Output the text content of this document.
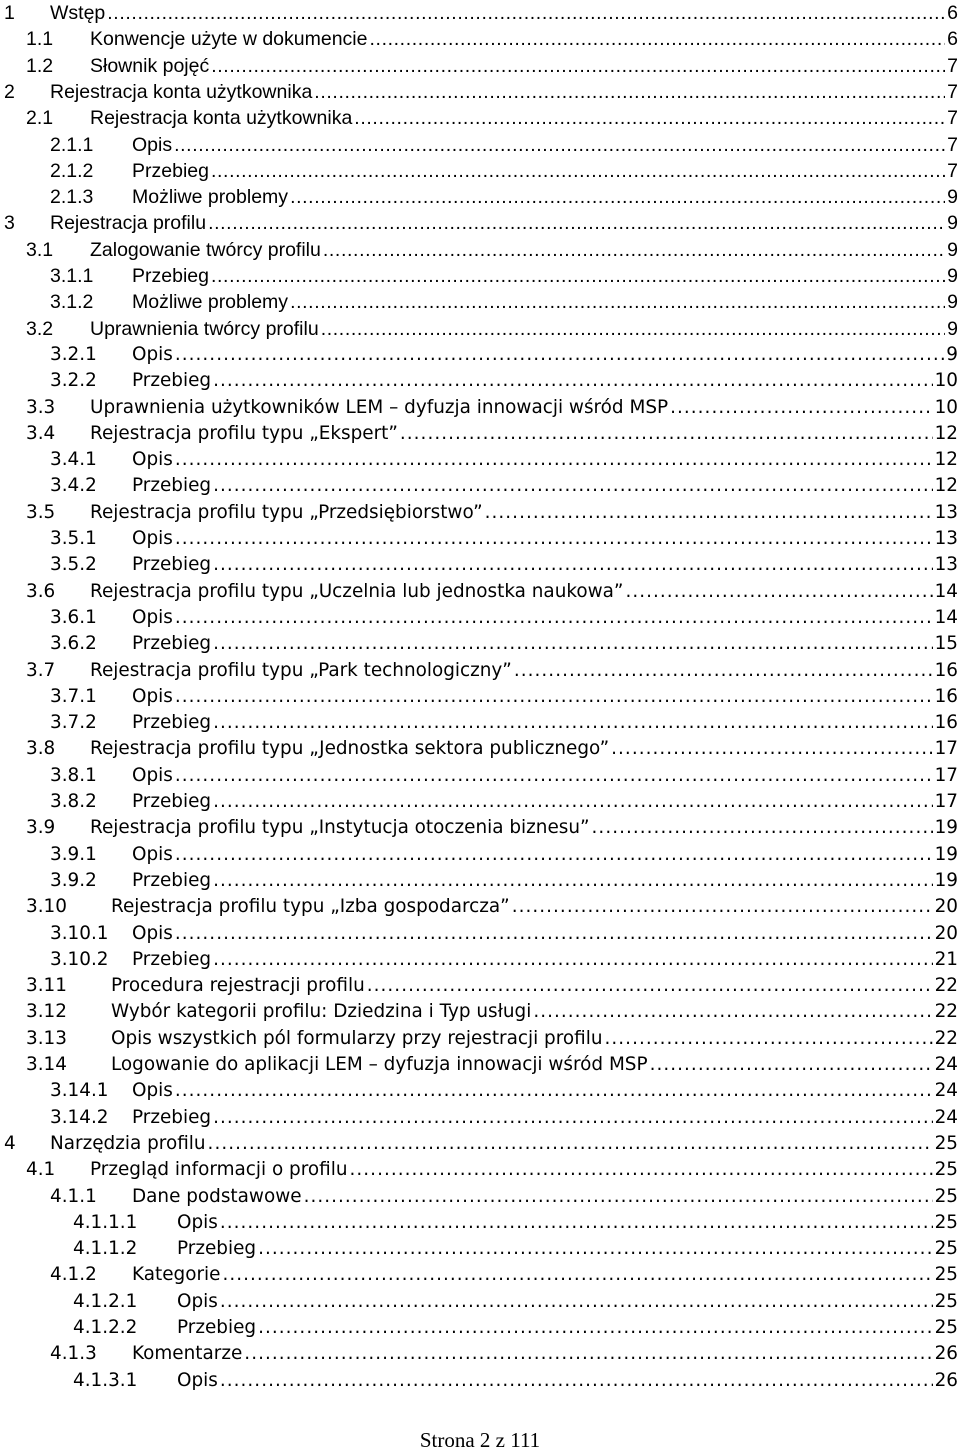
1	Wstęp . . .	6
1.1	Konwencje użyte w dokumencie . . .	6
1.2	Słownik pojęć . . .	7
2	Rejestracja konta użytkownika . . .	7
2.1	Rejestracja konta użytkownika . . .	7
2.1.1	Opis . . .	7
2.1.2	Przebieg . . .	7
2.1.3	Możliwe problemy . . .	9
3	Rejestracja profilu . . .	9
3.1	Zalogowanie twórcy profilu . . .	9
3.1.1	Przebieg . . .	9
3.1.2	Możliwe problemy . . .	9
3.2	Uprawnienia twórcy profilu . . .	9
3.2.1	Opis . . .	9
3.2.2	Przebieg . . .	10
3.3	Uprawnienia użytkowników LEM – dyfuzja innowacji wśród MSP . . .	10
3.4	Rejestracja profilu typu „Ekspert” . . .	12
3.4.1	Opis . . .	12
3.4.2	Przebieg . . .	12
3.5	Rejestracja profilu typu „Przedsiębiorstwo” . . .	13
3.5.1	Opis . . .	13
3.5.2	Przebieg . . .	13
3.6	Rejestracja profilu typu „Uczelnia lub jednostka naukowa” . . .	14
3.6.1	Opis . . .	14
3.6.2	Przebieg . . .	15
3.7	Rejestracja profilu typu „Park technologiczny” . . .	16
3.7.1	Opis . . .	16
3.7.2	Przebieg . . .	16
3.8	Rejestracja profilu typu „Jednostka sektora publicznego” . . .	17
3.8.1	Opis . . .	17
3.8.2	Przebieg . . .	17
3.9	Rejestracja profilu typu „Instytucja otoczenia biznesu” . . .	19
3.9.1	Opis . . .	19
3.9.2	Przebieg . . .	19
3.10	Rejestracja profilu typu „Izba gospodarcza” . . .	20
3.10.1	Opis . . .	20
3.10.2	Przebieg . . .	21
3.11	Procedura rejestracji profilu . . .	22
3.12	Wybór kategorii profilu: Dziedzina i Typ usługi . . .	22
3.13	Opis wszystkich pól formularzy przy rejestracji profilu . . .	22
3.14	Logowanie do aplikacji LEM – dyfuzja innowacji wśród MSP . . .	24
3.14.1	Opis . . .	24
3.14.2	Przebieg . . .	24
4	Narzędzia profilu . . .	25
4.1	Przegląd informacji o profilu . . .	25
4.1.1	Dane podstawowe . . .	25
4.1.1.1	Opis . . .	25
4.1.1.2	Przebieg . . .	25
4.1.2	Kategorie . . .	25
4.1.2.1	Opis . . .	25
4.1.2.2	Przebieg . . .	25
4.1.3	Komentarze . . .	26
4.1.3.1	Opis . . .	26
Strona 2 z 111
